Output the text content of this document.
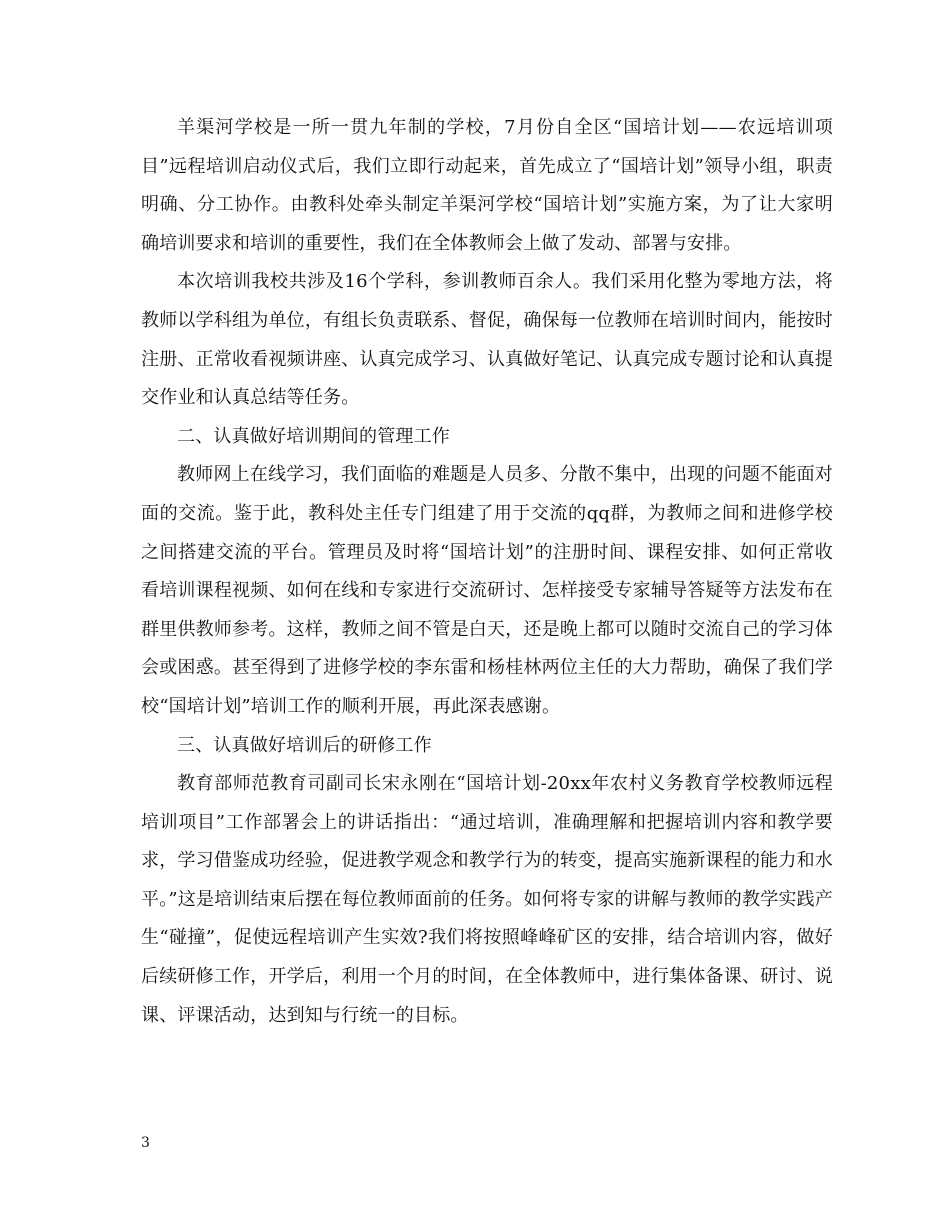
羊渠河学校是一所一贯九年制的学校，7月份自全区“国培计划——农远培训项目”远程培训启动仪式后，我们立即行动起来，首先成立了“国培计划”领导小组，职责明确、分工协作。由教科处牵头制定羊渠河学校“国培计划”实施方案，为了让大家明确培训要求和培训的重要性，我们在全体教师会上做了发动、部署与安排。

本次培训我校共涉及16个学科，参训教师百余人。我们采用化整为零地方法，将教师以学科组为单位，有组长负责联系、督促，确保每一位教师在培训时间内，能按时注册、正常收看视频讲座、认真完成学习、认真做好笔记、认真完成专题讨论和认真提交作业和认真总结等任务。

二、认真做好培训期间的管理工作

教师网上在线学习，我们面临的难题是人员多、分散不集中，出现的问题不能面对面的交流。鉴于此，教科处主任专门组建了用于交流的qq群，为教师之间和进修学校之间搭建交流的平台。管理员及时将“国培计划”的注册时间、课程安排、如何正常收看培训课程视频、如何在线和专家进行交流研讨、怎样接受专家辅导答疑等方法发布在群里供教师参考。这样，教师之间不管是白天，还是晚上都可以随时交流自己的学习体会或困惑。甚至得到了进修学校的李东雷和杨桂林两位主任的大力帮助，确保了我们学校“国培计划”培训工作的顺利开展，再此深表感谢。

三、认真做好培训后的研修工作

教育部师范教育司副司长宋永刚在“国培计划-20xx年农村义务教育学校教师远程培训项目”工作部署会上的讲话指出：“通过培训，准确理解和把握培训内容和教学要求，学习借鉴成功经验，促进教学观念和教学行为的转变，提高实施新课程的能力和水平。”这是培训结束后摆在每位教师面前的任务。如何将专家的讲解与教师的教学实践产生“碰撞”，促使远程培训产生实效?我们将按照峰峰矿区的安排，结合培训内容，做好后续研修工作，开学后，利用一个月的时间，在全体教师中，进行集体备课、研讨、说课、评课活动，达到知与行统一的目标。

3
